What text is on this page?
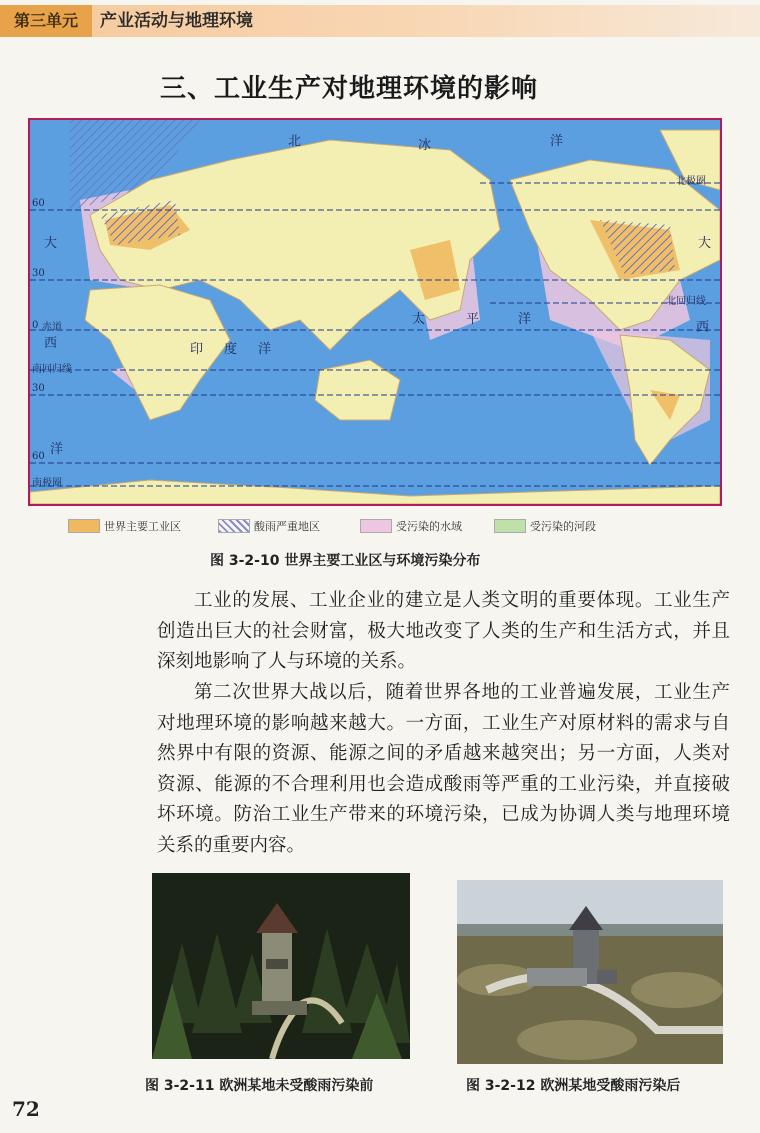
第三单元	产业活动与地理环境
三、工业生产对地理环境的影响
北	冰	洋
大
西
洋
大
西
太	平	洋
印 度 洋
60
30
0 赤道
南回归线
30
60
南极圈
北极圈
北回归线
世界主要工业区	酸雨严重地区	受污染的水域	受污染的河段
图 3-2-10 世界主要工业区与环境污染分布

工业的发展、工业企业的建立是人类文明的重要体现。工业生产创造出巨大的社会财富，极大地改变了人类的生产和生活方式，并且深刻地影响了人与环境的关系。

第二次世界大战以后，随着世界各地的工业普遍发展，工业生产对地理环境的影响越来越大。一方面，工业生产对原材料的需求与自然界中有限的资源、能源之间的矛盾越来越突出；另一方面，人类对资源、能源的不合理利用也会造成酸雨等严重的工业污染，并直接破坏环境。防治工业生产带来的环境污染，已成为协调人类与地理环境关系的重要内容。

图 3-2-11 欧洲某地未受酸雨污染前	图 3-2-12 欧洲某地受酸雨污染后
72
